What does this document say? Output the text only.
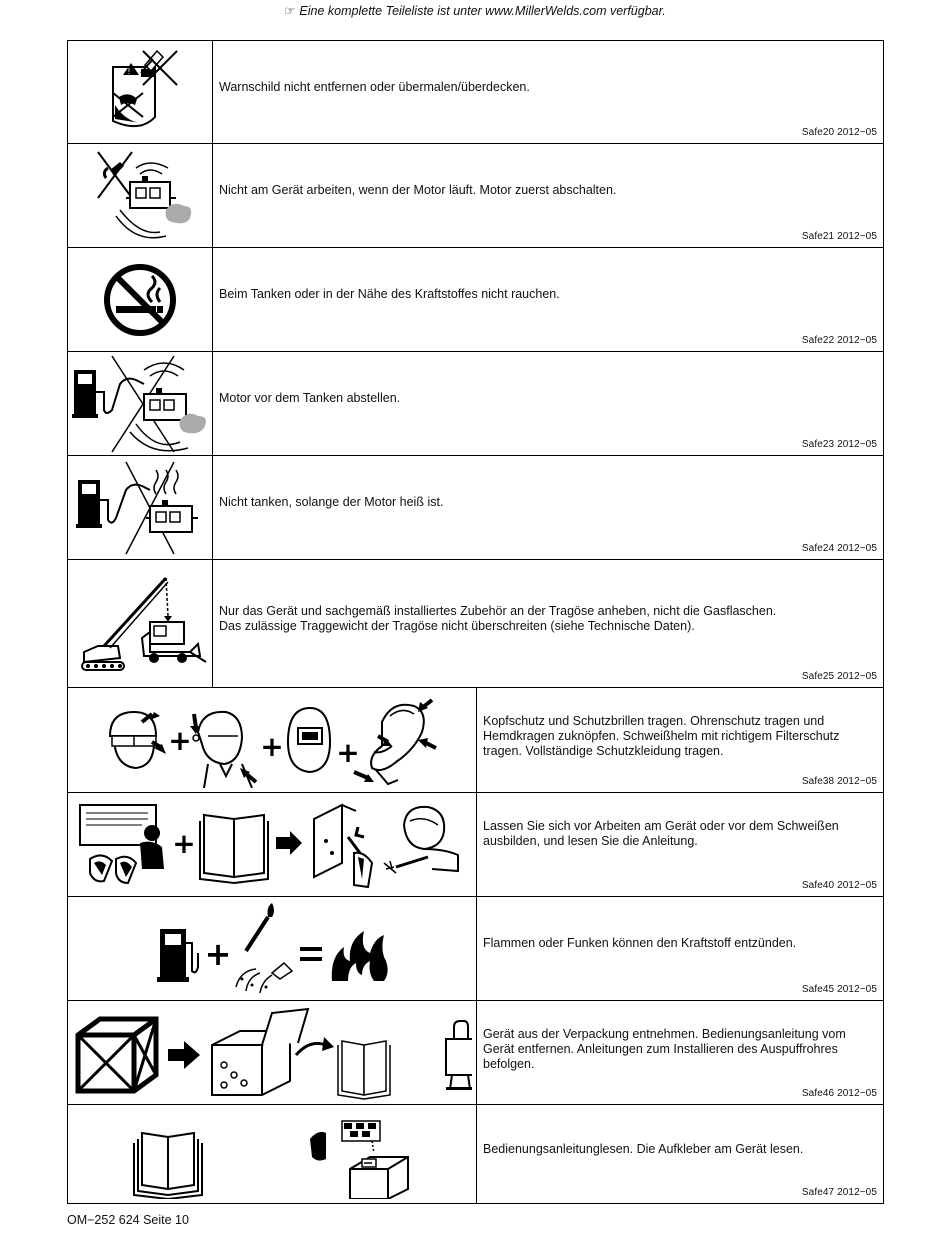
☞ Eine komplette Teileliste ist unter www.MillerWelds.com verfügbar.
!
Warnschild nicht entfernen oder übermalen/überdecken.
Safe20 2012−05
Nicht am Gerät arbeiten, wenn der Motor läuft. Motor zuerst abschalten.
Safe21 2012−05
Beim Tanken oder in der Nähe des Kraftstoffes nicht rauchen.
Safe22 2012−05
Motor vor dem Tanken abstellen.
Safe23 2012−05
Nicht tanken, solange der Motor heiß ist.
Safe24 2012−05
Nur das Gerät und sachgemäß installiertes Zubehör an der Tragöse anheben, nicht die Gasflaschen.
Das zulässige Traggewicht der Tragöse nicht überschreiten (siehe Technische Daten).
Safe25 2012−05
+ + +
Kopfschutz und Schutzbrillen tragen. Ohrenschutz tragen und Hemdkragen zuknöpfen. Schweißhelm mit richtigem Filterschutz tragen. Vollständige Schutzkleidung tragen.
Safe38 2012−05
+
Lassen Sie sich vor Arbeiten am Gerät oder vor dem Schweißen ausbilden, und lesen Sie die Anleitung.
Safe40 2012−05
+	Flammen oder Funken können den Kraftstoff entzünden.
Safe45 2012−05
Gerät aus der Verpackung entnehmen. Bedienungsanleitung vom Gerät entfernen. Anleitungen zum Installieren des Auspuffrohres befolgen.
Safe46 2012−05
Bedienungsanleitunglesen. Die Aufkleber am Gerät lesen.
Safe47 2012−05
OM−252 624 Seite 10
